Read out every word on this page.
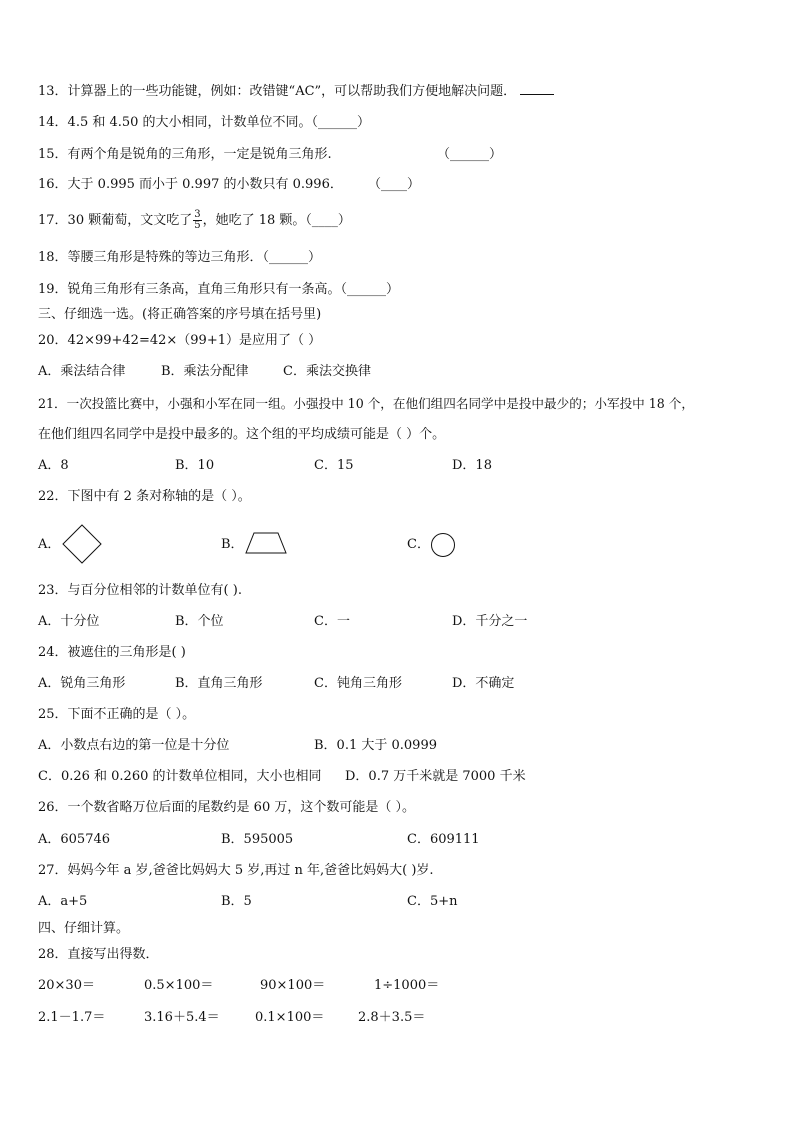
13．计算器上的一些功能键，例如：改错键“AC”，可以帮助我们方便地解决问题．
14．4.5 和 4.50 的大小相同，计数单位不同。（______）
15．有两个角是锐角的三角形，一定是锐角三角形.	（______）
16．大于 0.995 而小于 0.997 的小数只有 0.996． （____）
17．30 颗葡萄，文文吃了 $\frac{3}{5}$ ，她吃了 18 颗。（____）
18．等腰三角形是特殊的等边三角形．（______）
19．锐角三角形有三条高，直角三角形只有一条高。（______）
三、仔细选一选。(将正确答案的序号填在括号里)
20．42×99+42=42×（99+1）是应用了（ ）
A．乘法结合律	B．乘法分配律	C．乘法交换律
21．一次投篮比赛中，小强和小军在同一组。小强投中 10 个，在他们组四名同学中是投中最少的；小军投中 18 个，
在他们组四名同学中是投中最多的。这个组的平均成绩可能是（ ）个。
A．8	B．10	C．15	D．18
22．下图中有 2 条对称轴的是（ ）。
A．	B．	C．
23．与百分位相邻的计数单位有( ).
A．十分位	B．个位	C．一	D．千分之一
24．被遮住的三角形是( )
A．锐角三角形	B．直角三角形	C．钝角三角形	D．不确定
25．下面不正确的是（ ）。
A．小数点右边的第一位是十分位	B．0.1 大于 0.0999
C．0.26 和 0.260 的计数单位相同，大小也相同 D．0.7 万千米就是 7000 千米
26．一个数省略万位后面的尾数约是 60 万，这个数可能是（ ）。
A．605746	B．595005	C．609111
27．妈妈今年 a 岁,爸爸比妈妈大 5 岁,再过 n 年,爸爸比妈妈大( )岁.
A．a+5	B．5	C．5+n
四、仔细计算。
28．直接写出得数．
20×30＝	0.5×100＝	90×100＝	1÷1000＝
2.1－1.7＝	3.16＋5.4＝	0.1×100＝	2.8＋3.5＝
